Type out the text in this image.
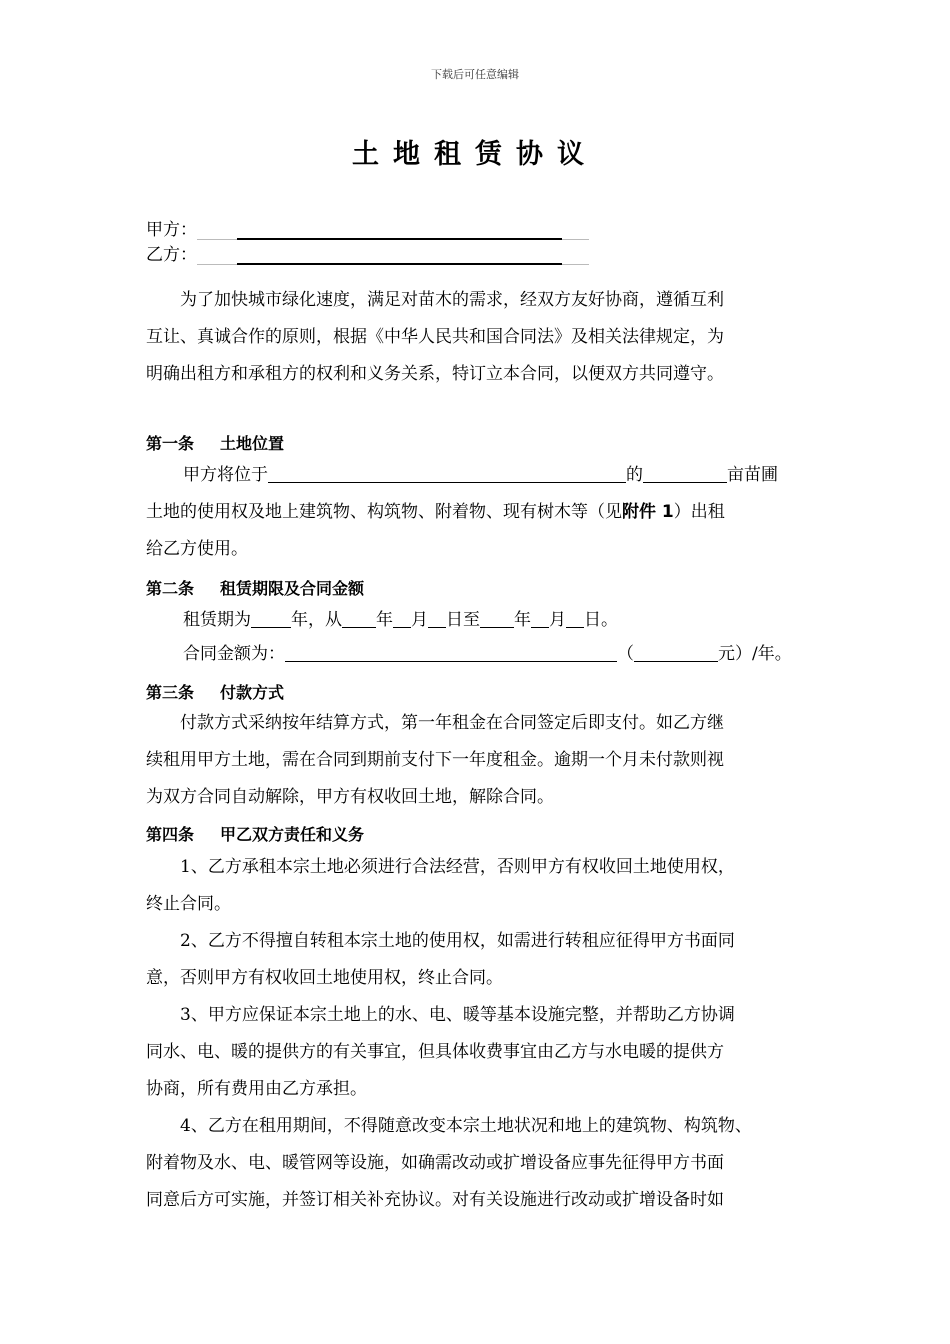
下载后可任意编辑
土地租赁协议
甲方：
乙方：

为了加快城市绿化速度，满足对苗木的需求，经双方友好协商，遵循互利

互让、真诚合作的原则，根据《中华人民共和国合同法》及相关法律规定，为

明确出租方和承租方的权利和义务关系，特订立本合同，以便双方共同遵守。

第一条 土地位置
甲方将位于	的	亩苗圃
土地的使用权及地上建筑物、构筑物、附着物、现有树木等（见附件 1）出租
给乙方使用。
第二条 租赁期限及合同金额
租赁期为 年，从 年 月 日至 年 月 日。
合同金额为：	（	元）/年。
第三条 付款方式

付款方式采纳按年结算方式，第一年租金在合同签定后即支付。如乙方继

续租用甲方土地，需在合同到期前支付下一年度租金。逾期一个月未付款则视

为双方合同自动解除，甲方有权收回土地，解除合同。

第四条 甲乙双方责任和义务

1、乙方承租本宗土地必须进行合法经营，否则甲方有权收回土地使用权，

终止合同。

2、乙方不得擅自转租本宗土地的使用权，如需进行转租应征得甲方书面同

意，否则甲方有权收回土地使用权，终止合同。

3、甲方应保证本宗土地上的水、电、暖等基本设施完整，并帮助乙方协调

同水、电、暖的提供方的有关事宜，但具体收费事宜由乙方与水电暖的提供方

协商，所有费用由乙方承担。

4、乙方在租用期间，不得随意改变本宗土地状况和地上的建筑物、构筑物、

附着物及水、电、暖管网等设施，如确需改动或扩增设备应事先征得甲方书面

同意后方可实施，并签订相关补充协议。对有关设施进行改动或扩增设备时如
